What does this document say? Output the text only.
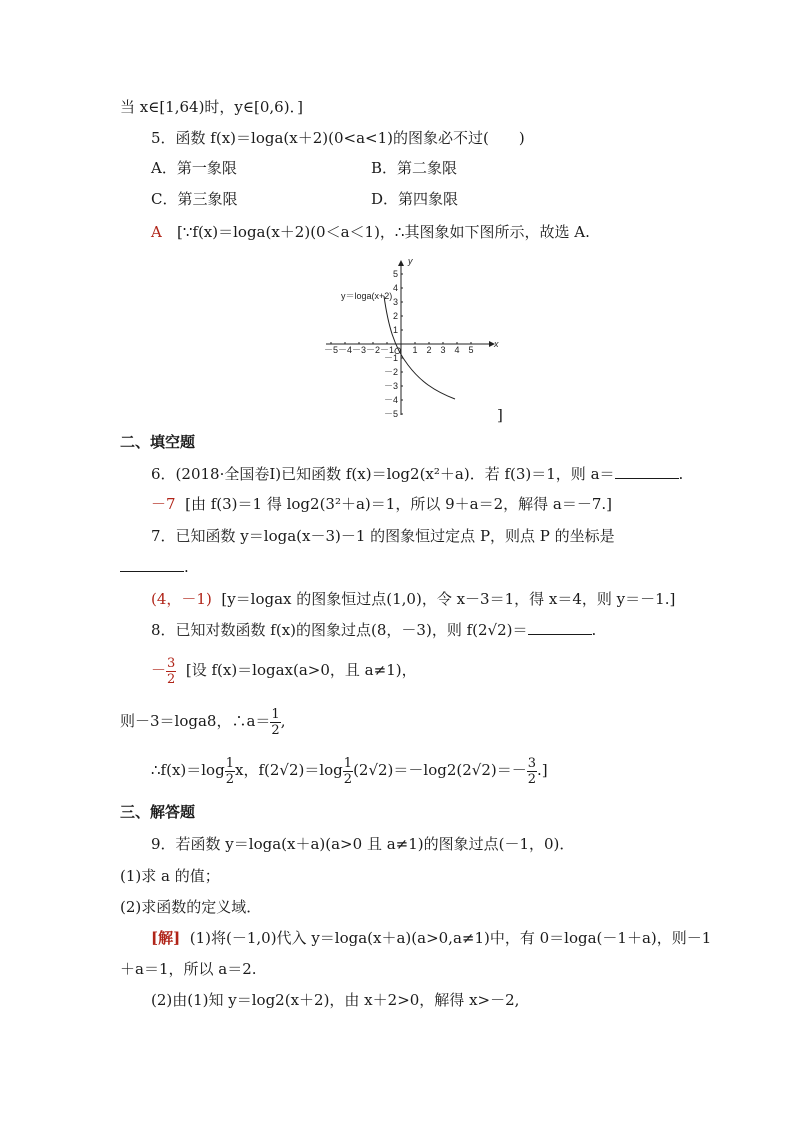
当 x∈[1,64)时，y∈[0,6)．]
5．函数 f(x)＝loga(x＋2)(0<a<1)的图象必不过(　　)
A．第一象限	B．第二象限
C．第三象限	D．第四象限
A [∵f(x)＝loga(x＋2)(0＜a＜1)，∴其图象如下图所示，故选 A.
－5 －4 －3 －2 －1 1 2 3 4 5
5
4
3
2
1
－1
－2
－3
－4
－5
y＝loga(x+2)
x
y
O
]
二、填空题
6．(2018·全国卷Ⅰ)已知函数 f(x)＝log2(x²＋a)．若 f(3)＝1，则 a＝	.
－7 [由 f(3)＝1 得 log2(3²＋a)＝1，所以 9＋a＝2，解得 a＝－7.]
7．已知函数 y＝loga(x－3)－1 的图象恒过定点 P，则点 P 的坐标是
.
(4，－1) [y＝logax 的图象恒过点(1,0)，令 x－3＝1，得 x＝4，则 y＝－1.]
8．已知对数函数 f(x)的图象过点(8，－3)，则 f(2√2)＝	.
－ $\frac{3}{2}$ [设 f(x)＝logax(a>0，且 a≠1)，
则－3＝loga8，∴a＝ $\frac{1}{2}$ ,
∴f(x)＝log $\frac{1}{2}$ x，$f(2√2)=\log \frac{1}{2} (2√2)=-\log 2(2√2)=- \frac{3}{2}$ .]
三、解答题
9．若函数 y＝loga(x＋a)(a>0 且 a≠1)的图象过点(－1，0)．
(1)求 a 的值；
(2)求函数的定义域．
[解] (1)将(－1,0)代入 y＝loga(x＋a)(a>0,a≠1)中，有 0＝loga(－1＋a)，则－1
＋a＝1，所以 a＝2.
(2)由(1)知 y＝log2(x＋2)，由 x＋2>0，解得 x>－2,
